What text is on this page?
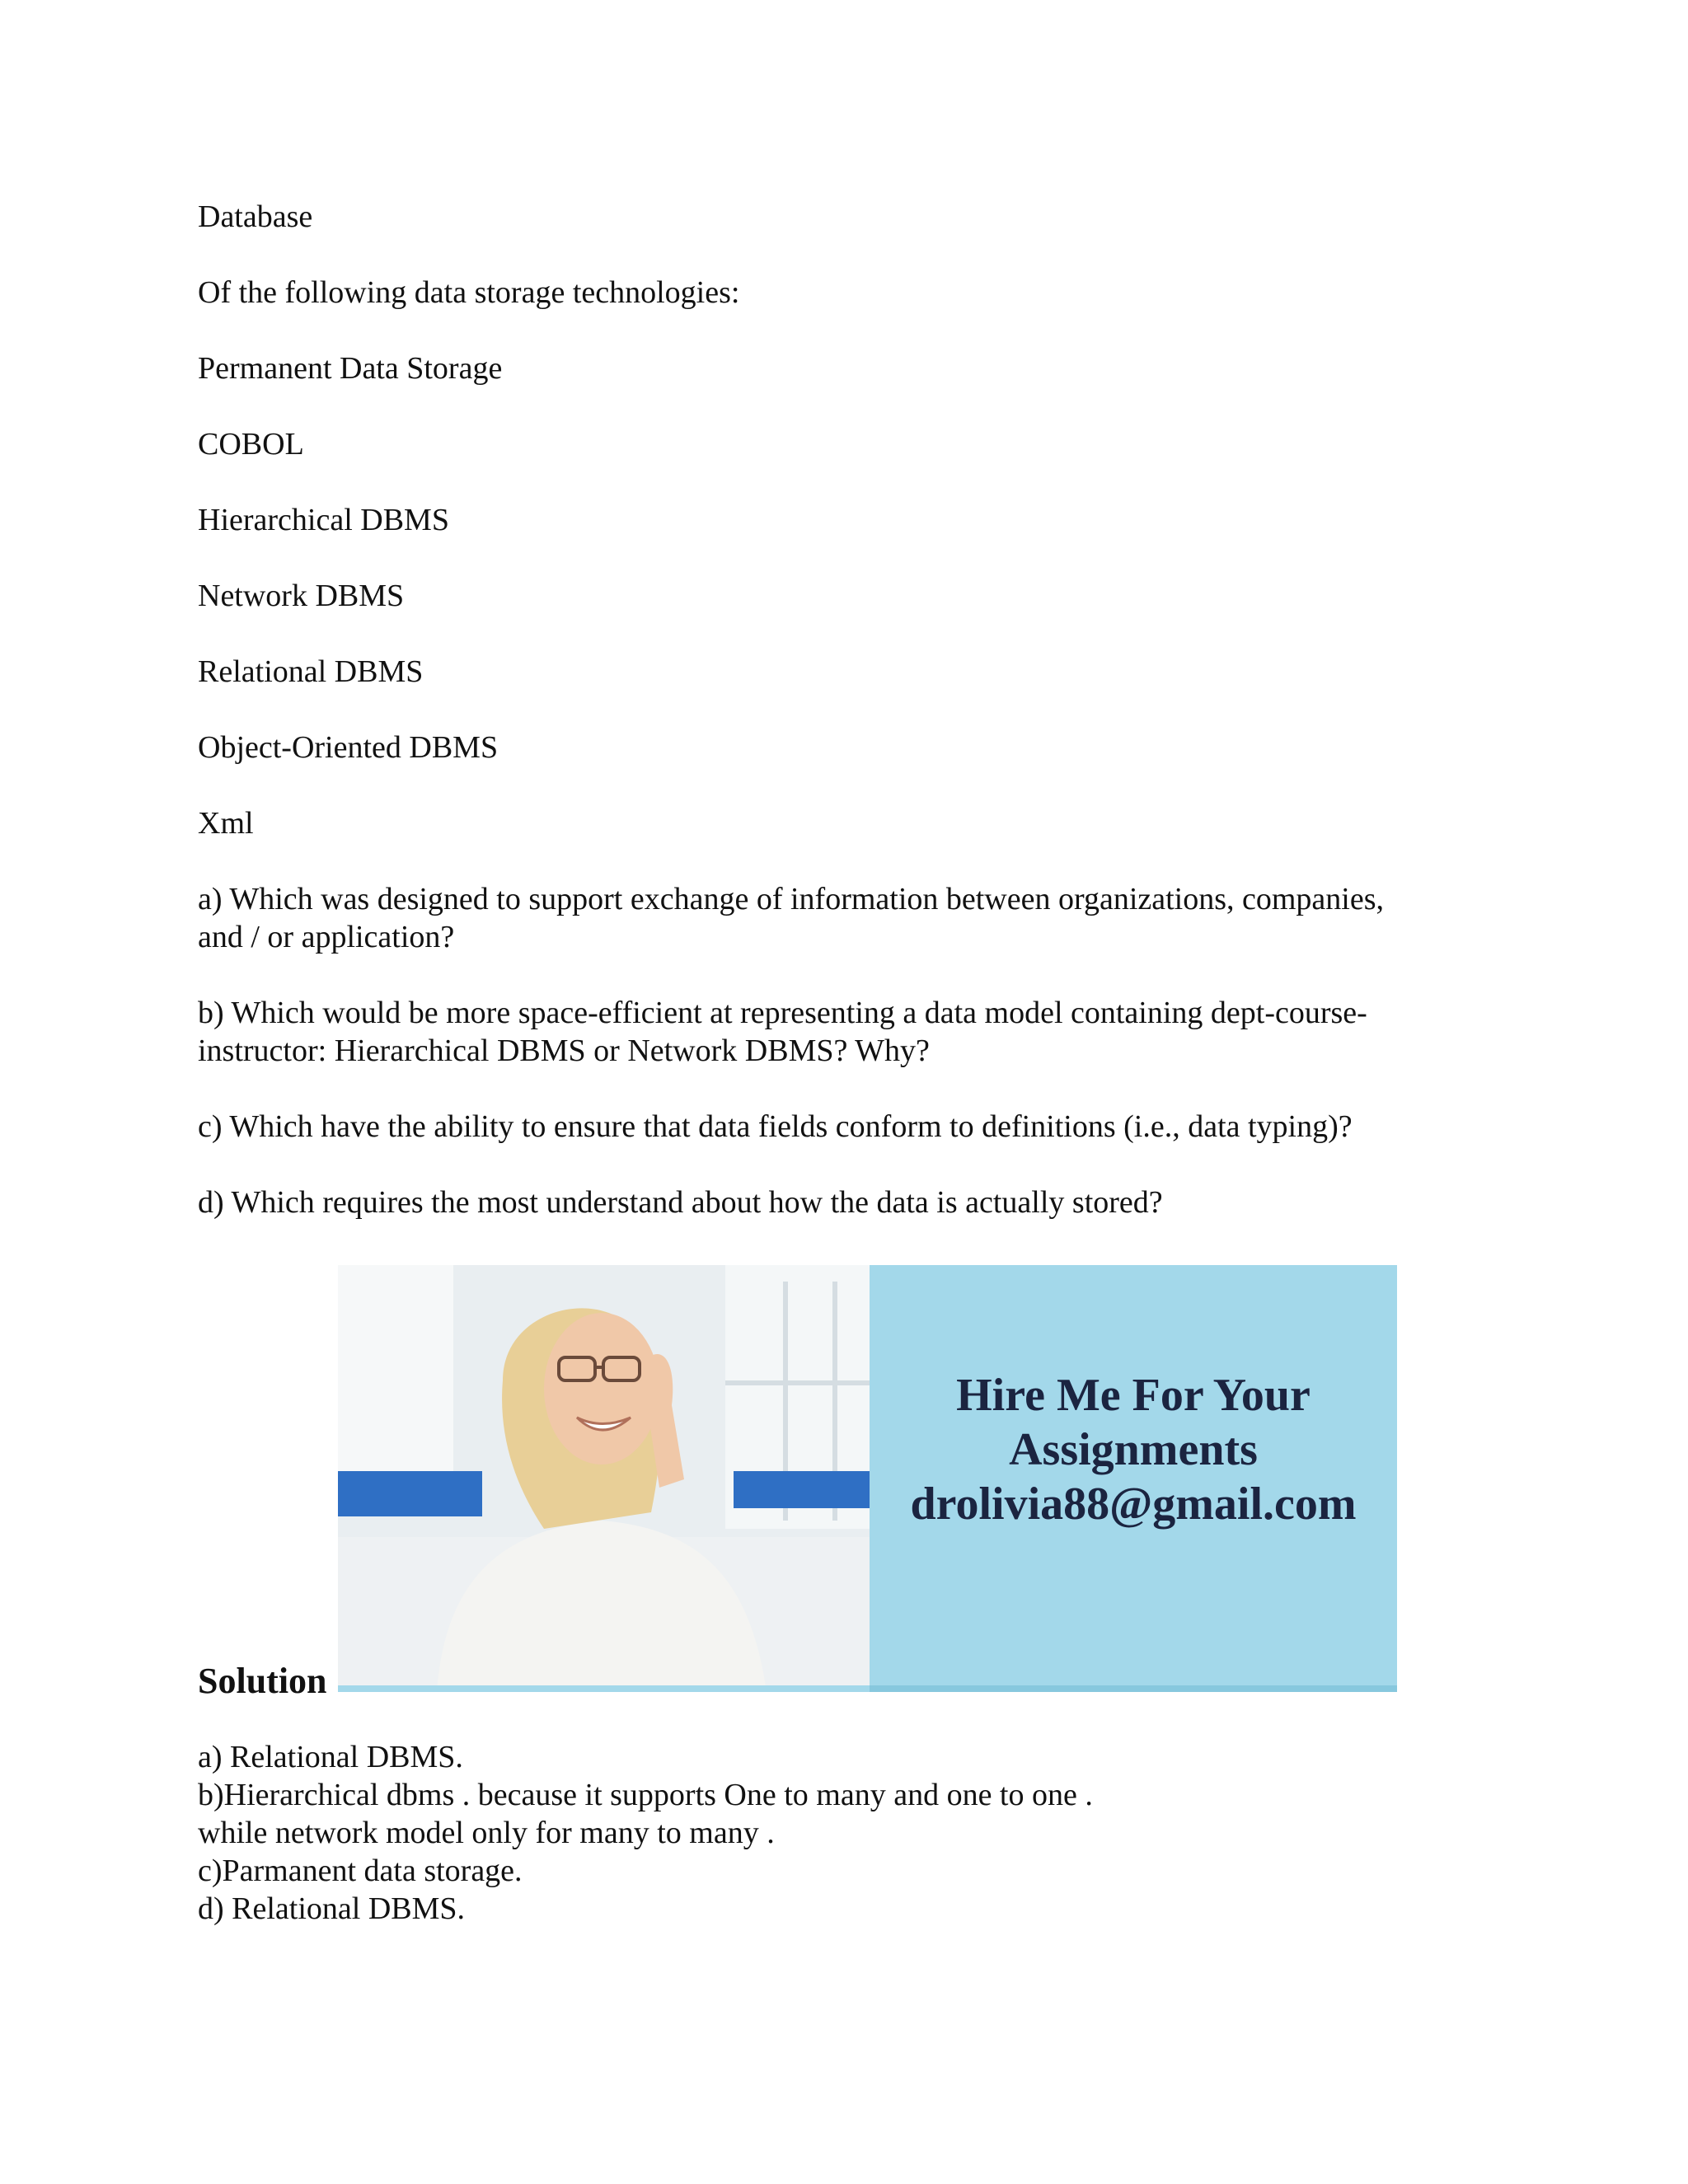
Database

Of the following data storage technologies:

Permanent Data Storage

COBOL

Hierarchical DBMS

Network DBMS

Relational DBMS

Object-Oriented DBMS

Xml

a) Which was designed to support exchange of information between organizations, companies,

and / or application?

b) Which would be more space-efficient at representing a data model containing dept-course-

instructor: Hierarchical DBMS or Network DBMS? Why?

c) Which have the ability to ensure that data fields conform to definitions (i.e., data typing)?

d) Which requires the most understand about how the data is actually stored?

Hire Me For Your
Assignments
drolivia88@gmail.com

Solution

a) Relational DBMS.

b)Hierarchical dbms . because it supports One to many and one to one .

while network model only for many to many .

c)Parmanent data storage.

d) Relational DBMS.
